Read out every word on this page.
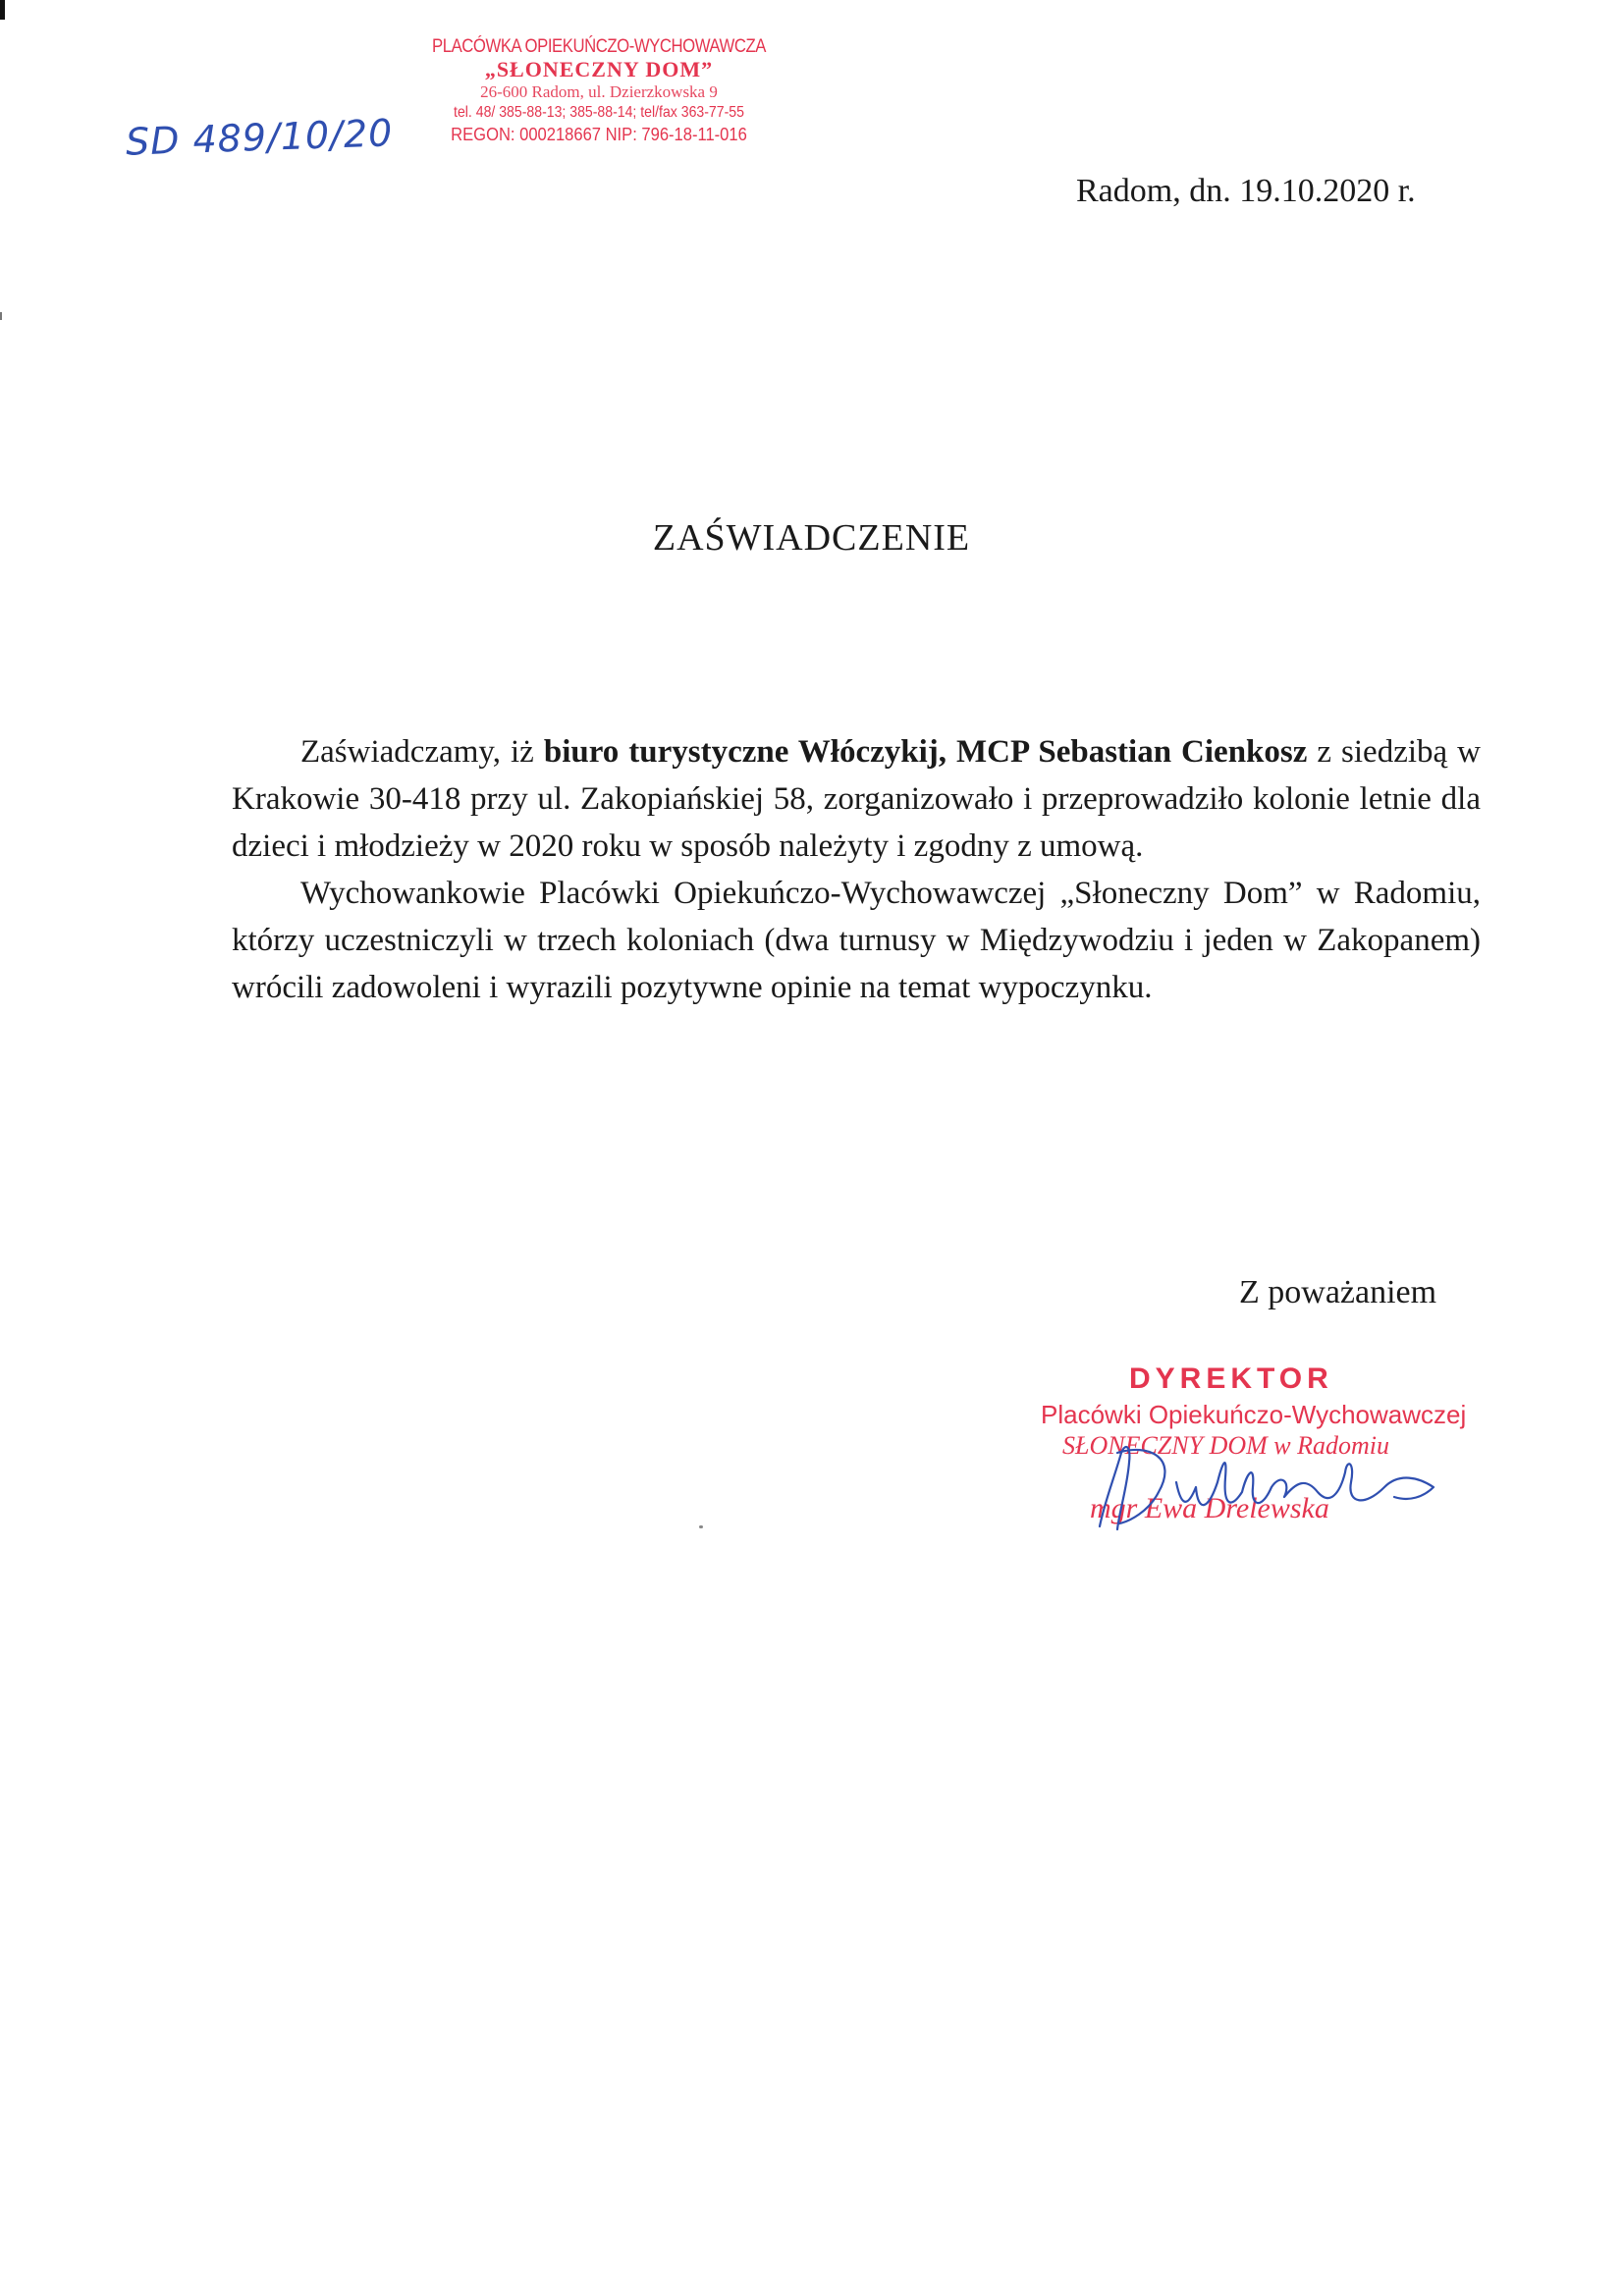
PLACÓWKA OPIEKUŃCZO-WYCHOWAWCZA
„SŁONECZNY DOM”
26-600 Radom, ul. Dzierzkowska 9
tel. 48/ 385-88-13; 385-88-14; tel/fax 363-77-55
REGON: 000218667 NIP: 796-18-11-016
SD 489/10/20
Radom, dn. 19.10.2020 r.
ZAŚWIADCZENIE

Zaświadczamy, iż biuro turystyczne Włóczykij, MCP Sebastian Cienkosz z siedzibą w Krakowie 30-418 przy ul. Zakopiańskiej 58, zorganizowało i przeprowadziło kolonie letnie dla dzieci i młodzieży w 2020 roku w sposób należyty i zgodny z umową.

Wychowankowie Placówki Opiekuńczo-Wychowawczej „Słoneczny Dom” w Radomiu, którzy uczestniczyli w trzech koloniach (dwa turnusy w Międzywodziu i jeden w Zakopanem) wrócili zadowoleni i wyrazili pozytywne opinie na temat wypoczynku.

Z poważaniem
DYREKTOR
Placówki Opiekuńczo-Wychowawczej
SŁONECZNY DOM w Radomiu
mgr Ewa Drelewska
